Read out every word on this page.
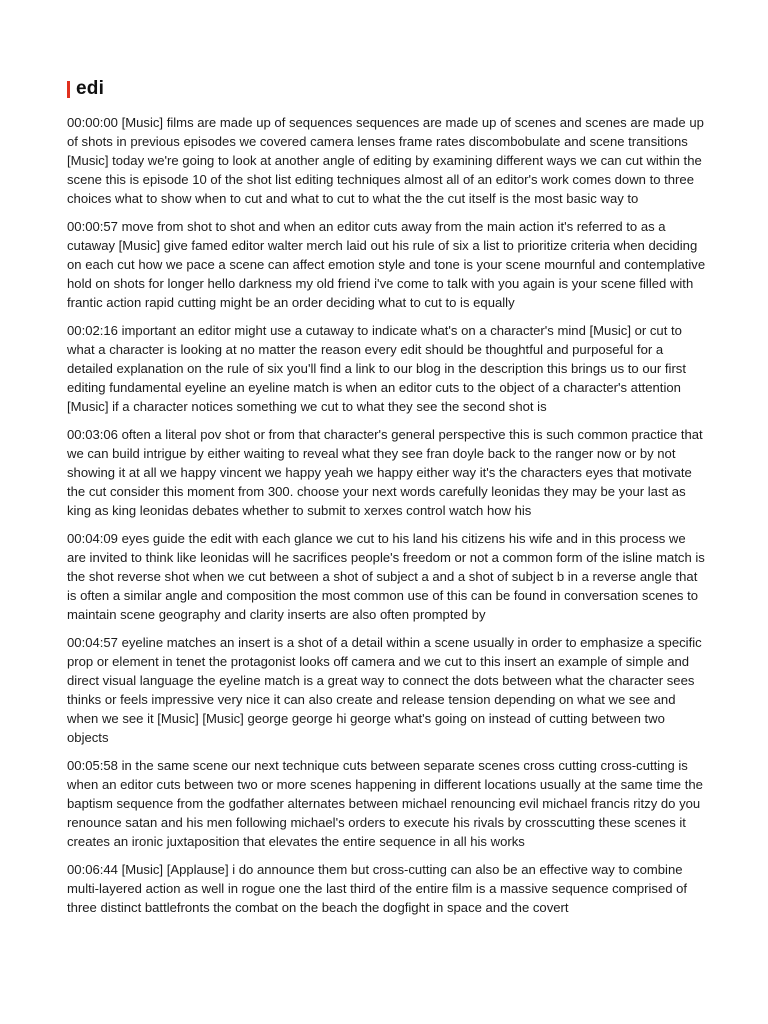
edi

00:00:00 [Music] films are made up of sequences sequences are made up of scenes and scenes are made up of shots in previous episodes we covered camera lenses frame rates discombobulate and scene transitions [Music] today we're going to look at another angle of editing by examining different ways we can cut within the scene this is episode 10 of the shot list editing techniques almost all of an editor's work comes down to three choices what to show when to cut and what to cut to what the the cut itself is the most basic way to

00:00:57 move from shot to shot and when an editor cuts away from the main action it's referred to as a cutaway [Music] give famed editor walter merch laid out his rule of six a list to prioritize criteria when deciding on each cut how we pace a scene can affect emotion style and tone is your scene mournful and contemplative hold on shots for longer hello darkness my old friend i've come to talk with you again is your scene filled with frantic action rapid cutting might be an order deciding what to cut to is equally

00:02:16 important an editor might use a cutaway to indicate what's on a character's mind [Music] or cut to what a character is looking at no matter the reason every edit should be thoughtful and purposeful for a detailed explanation on the rule of six you'll find a link to our blog in the description this brings us to our first editing fundamental eyeline an eyeline match is when an editor cuts to the object of a character's attention [Music] if a character notices something we cut to what they see the second shot is

00:03:06 often a literal pov shot or from that character's general perspective this is such common practice that we can build intrigue by either waiting to reveal what they see fran doyle back to the ranger now or by not showing it at all we happy vincent we happy yeah we happy either way it's the characters eyes that motivate the cut consider this moment from 300. choose your next words carefully leonidas they may be your last as king as king leonidas debates whether to submit to xerxes control watch how his

00:04:09 eyes guide the edit with each glance we cut to his land his citizens his wife and in this process we are invited to think like leonidas will he sacrifices people's freedom or not a common form of the isline match is the shot reverse shot when we cut between a shot of subject a and a shot of subject b in a reverse angle that is often a similar angle and composition the most common use of this can be found in conversation scenes to maintain scene geography and clarity inserts are also often prompted by

00:04:57 eyeline matches an insert is a shot of a detail within a scene usually in order to emphasize a specific prop or element in tenet the protagonist looks off camera and we cut to this insert an example of simple and direct visual language the eyeline match is a great way to connect the dots between what the character sees thinks or feels impressive very nice it can also create and release tension depending on what we see and when we see it [Music] [Music] george george hi george what's going on instead of cutting between two objects

00:05:58 in the same scene our next technique cuts between separate scenes cross cutting cross-cutting is when an editor cuts between two or more scenes happening in different locations usually at the same time the baptism sequence from the godfather alternates between michael renouncing evil michael francis ritzy do you renounce satan and his men following michael's orders to execute his rivals by crosscutting these scenes it creates an ironic juxtaposition that elevates the entire sequence in all his works

00:06:44 [Music] [Applause] i do announce them but cross-cutting can also be an effective way to combine multi-layered action as well in rogue one the last third of the entire film is a massive sequence comprised of three distinct battlefronts the combat on the beach the dogfight in space and the covert
